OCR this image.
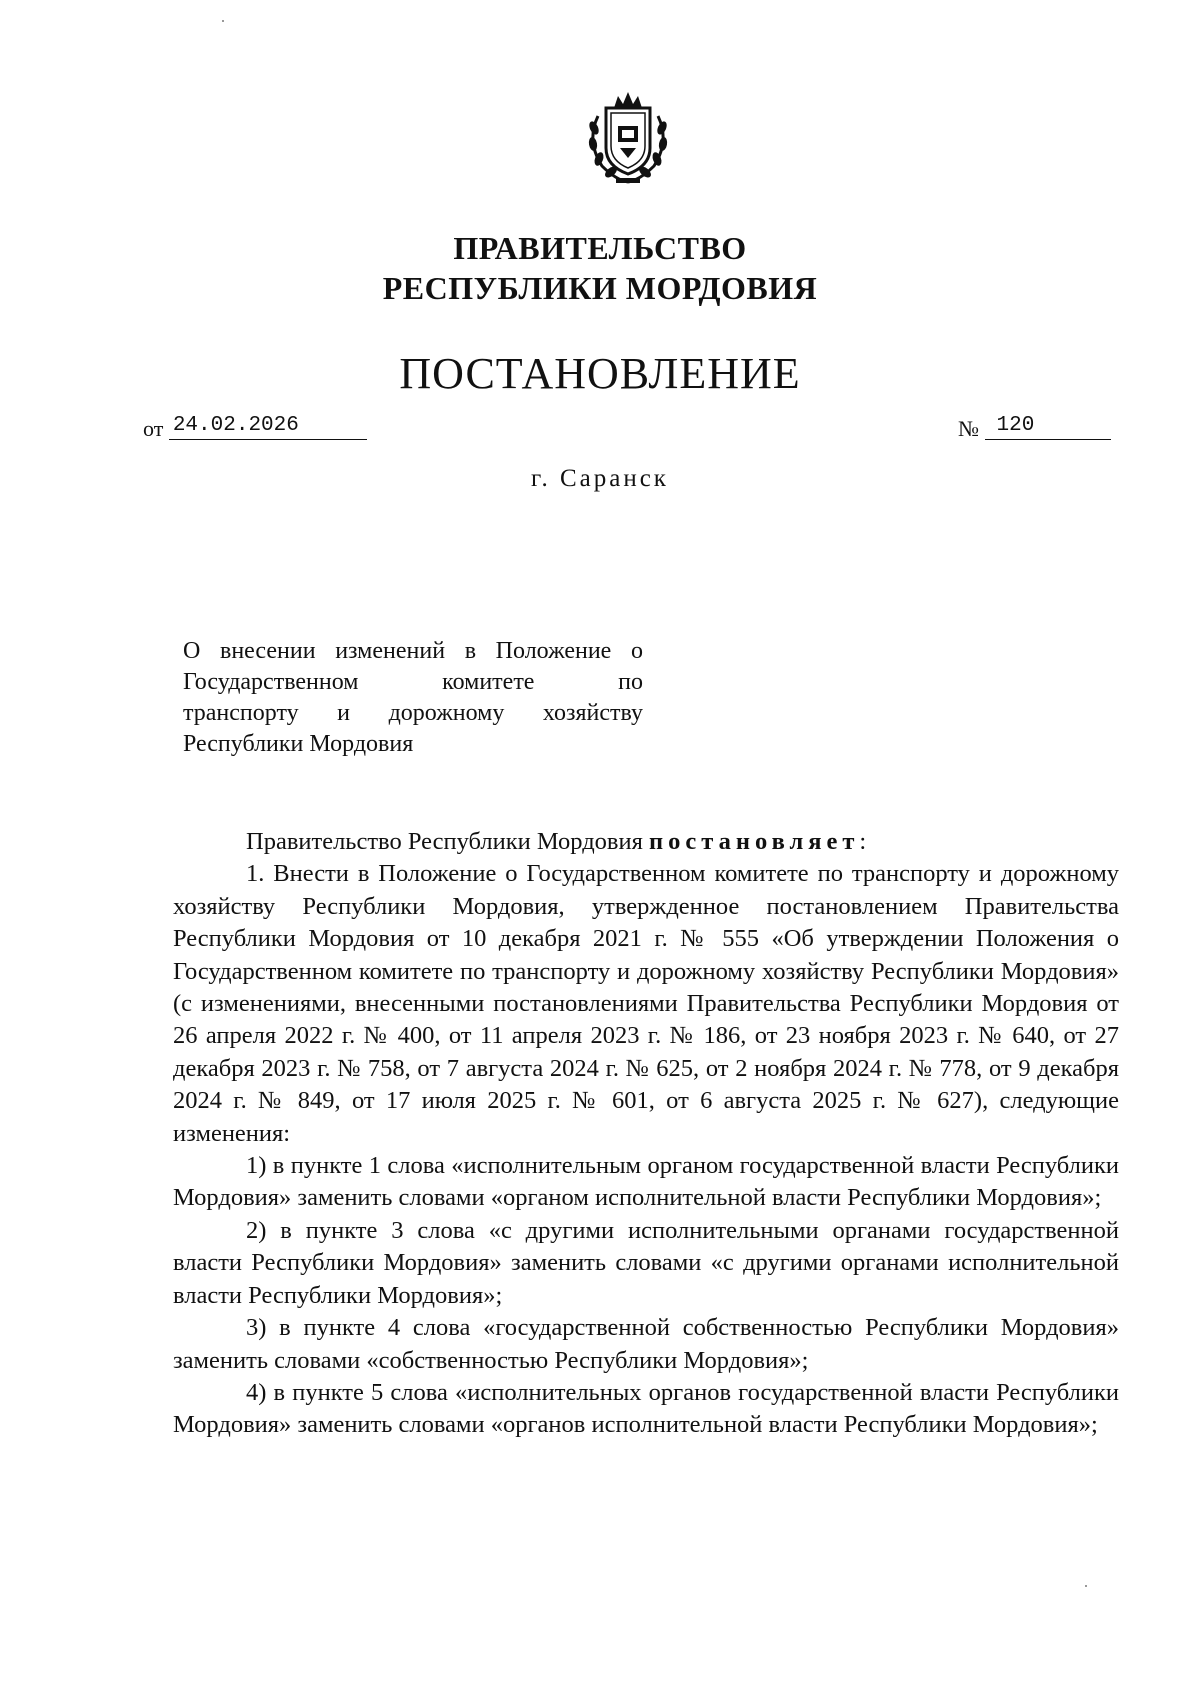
ПРАВИТЕЛЬСТВО
РЕСПУБЛИКИ МОРДОВИЯ
ПОСТАНОВЛЕНИЕ
от 24.02.2026	№ 120
г. Саранск
О внесении изменений в Положение о
Государственном комитете по
транспорту и дорожному хозяйству
Республики Мордовия

Правительство Республики Мордовия постановляет:

1. Внести в Положение о Государственном комитете по транспорту и дорожному хозяйству Республики Мордовия, утвержденное постановлением Правительства Республики Мордовия от 10 декабря 2021 г. № 555 «Об утверждении Положения о Государственном комитете по транспорту и дорожному хозяйству Республики Мордовия» (с изменениями, внесенными постановлениями Правительства Республики Мордовия от 26 апреля 2022 г. № 400, от 11 апреля 2023 г. № 186, от 23 ноября 2023 г. № 640, от 27 декабря 2023 г. № 758, от 7 августа 2024 г. № 625, от 2 ноября 2024 г. № 778, от 9 декабря 2024 г. № 849, от 17 июля 2025 г. № 601, от 6 августа 2025 г. № 627), следующие изменения:

1) в пункте 1 слова «исполнительным органом государственной власти Республики Мордовия» заменить словами «органом исполнительной власти Республики Мордовия»;

2) в пункте 3 слова «с другими исполнительными органами государственной власти Республики Мордовия» заменить словами «с другими органами исполнительной власти Республики Мордовия»;

3) в пункте 4 слова «государственной собственностью Республики Мордовия» заменить словами «собственностью Республики Мордовия»;

4) в пункте 5 слова «исполнительных органов государственной власти Республики Мордовия» заменить словами «органов исполнительной власти Республики Мордовия»;
